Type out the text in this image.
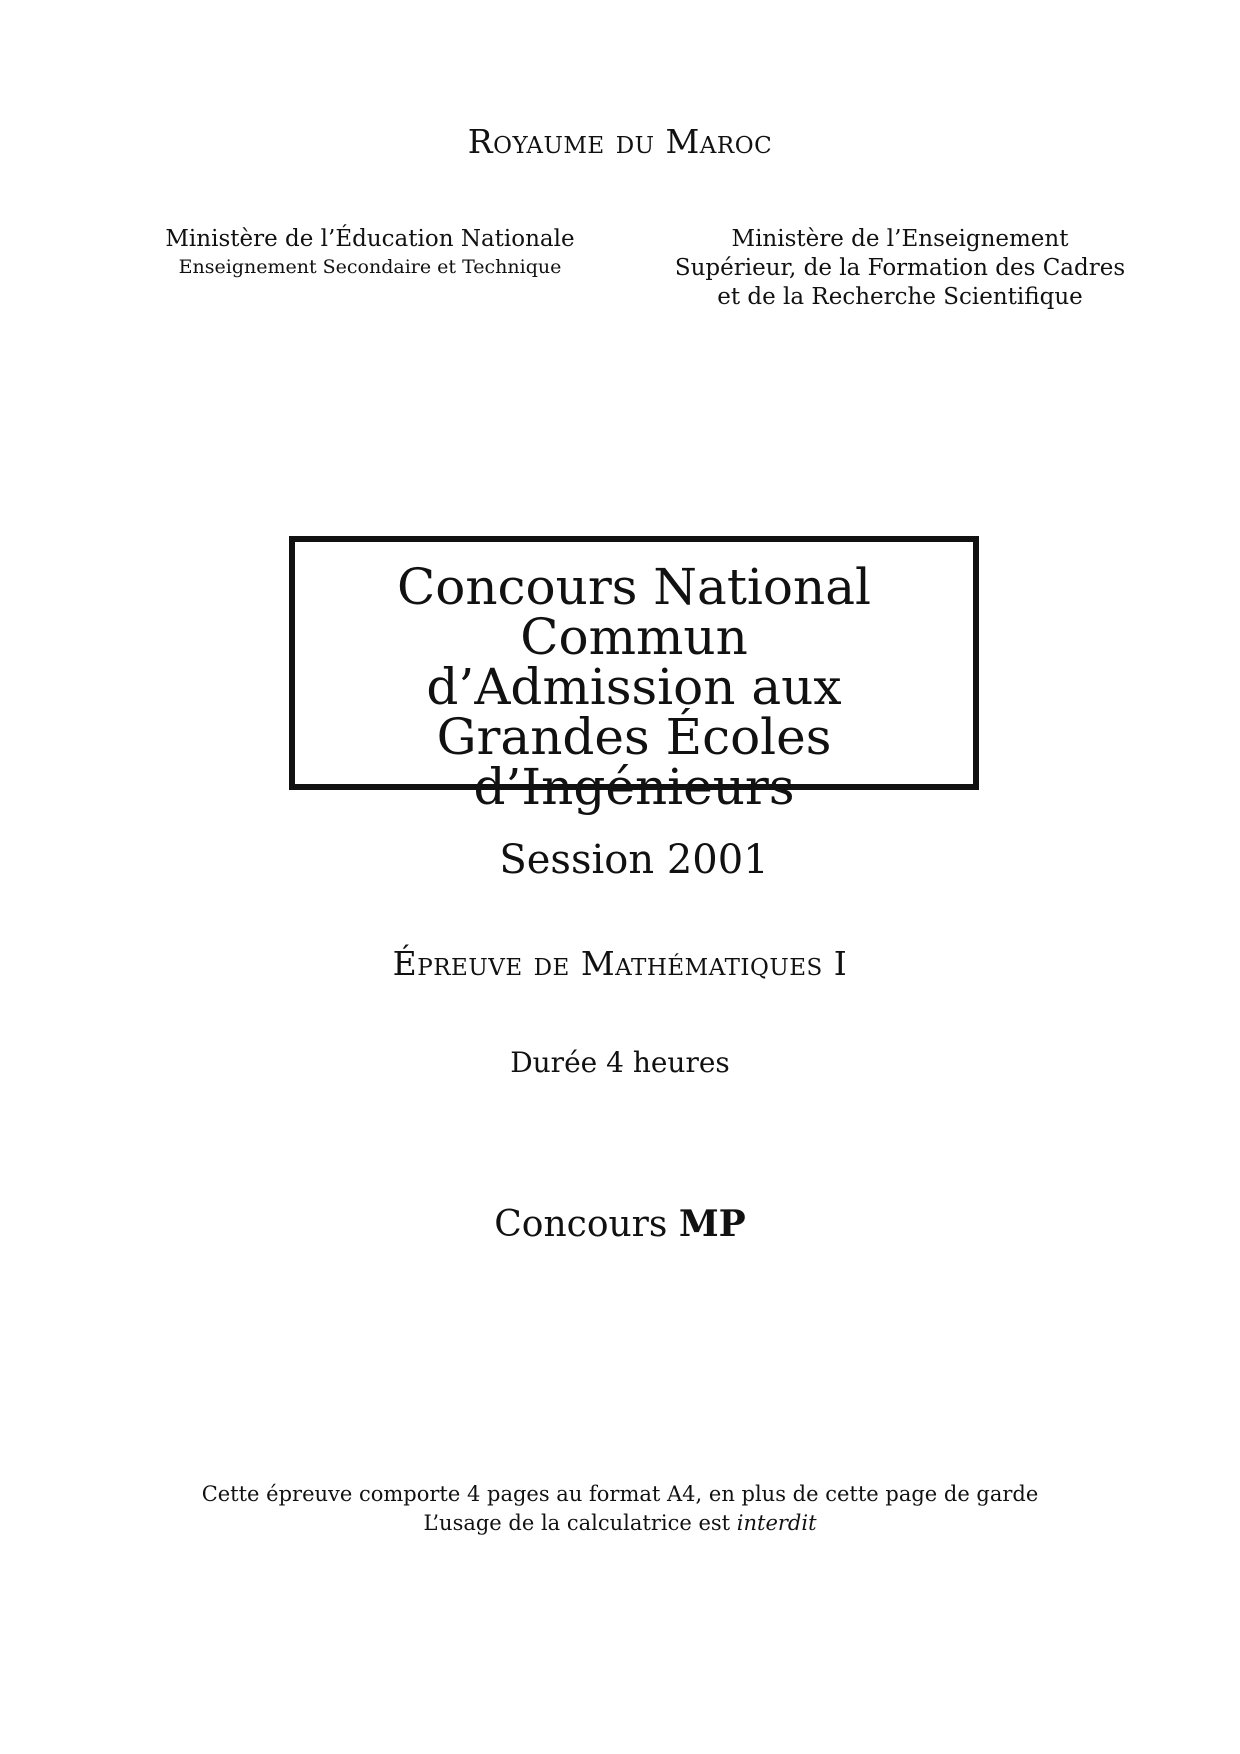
Royaume du Maroc
Ministère de l’Éducation Nationale
Enseignement Secondaire et Technique
Ministère de l’Enseignement
Supérieur, de la Formation des Cadres
et de la Recherche Scientifique
Concours National Commun
d’Admission aux
Grandes Écoles d’Ingénieurs
Session 2001
Épreuve de Mathématiques I
Durée 4 heures
Concours MP
Cette épreuve comporte 4 pages au format A4, en plus de cette page de garde
L’usage de la calculatrice est interdit
